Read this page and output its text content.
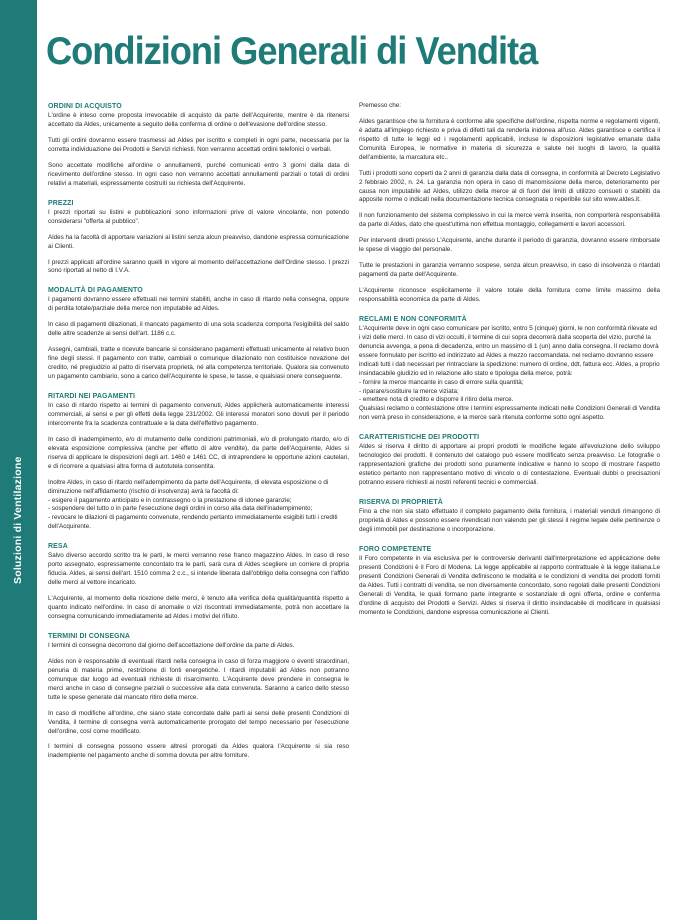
Soluzioni di Ventilazione
Condizioni Generali di Vendita
ORDINI DI ACQUISTO

L'ordine è inteso come proposta irrevocabile di acquisto da parte dell'Acquirente, mentre è da ritenersi accettato da Aldes, unicamente a seguito della conferma di ordine o dell'evasione dell'ordine stesso.

Tutti gli ordini dovranno essere trasmessi ad Aldes per iscritto e completi in ogni parte, necessaria per la corretta individuazione dei Prodotti e Servizi richiesti. Non verranno accettati ordini telefonici o verbali.

Sono accettate modifiche all'ordine o annullamenti, purché comunicati entro 3 giorni dalla data di ricevimento dell'ordine stesso. In ogni caso non verranno accettati annullamenti parziali o totali di ordini relativi a materiali, espressamente costruiti su richiesta dell'Acquirente.

PREZZI

I prezzi riportati su listini e pubblicazioni sono informazioni prive di valore vincolante, non potendo considerarsi "offerta al pubblico".

Aldes ha la facoltà di apportare variazioni ai listini senza alcun preavviso, dandone espressa comunicazione ai Clienti.

I prezzi applicati all'ordine saranno quelli in vigore al momento dell'accettazione dell'Ordine stesso. I prezzi sono riportati al netto di I.V.A.

MODALITÀ DI PAGAMENTO

I pagamenti dovranno essere effettuati nei termini stabiliti, anche in caso di ritardo nella consegna, oppure di perdita totale/parziale della merce non imputabile ad Aldes.

In caso di pagamenti dilazionati, il mancato pagamento di una sola scadenza comporta l'esigibilità del saldo delle altre scadenze ai sensi dell'art. 1186 c.c.

Assegni, cambiali, tratte e ricevute bancarie si considerano pagamenti effettuati unicamente al relativo buon fine degli stessi. Il pagamento con tratte, cambiali o comunque dilazionato non costituisce novazione del credito, né pregiudizio al patto di riservata proprietà, né alla competenza territoriale. Qualora sia convenuto un pagamento cambiario, sono a carico dell'Acquirente le spese, le tasse, e qualsiasi onere conseguente.

RITARDI NEI PAGAMENTI

In caso di ritardo rispetto ai termini di pagamento convenuti, Aldes applicherà automaticamente interessi commerciali, ai sensi e per gli effetti della legge 231/2002. Gli interessi moratori sono dovuti per il periodo intercorrente fra la scadenza contrattuale e la data dell'effettivo pagamento.

In caso di inadempimento, e/o di mutamento delle condizioni patrimoniali, e/o di prolungato ritardo, e/o di elevata esposizione complessiva (anche per effetto di altre vendite), da parte dell'Acquirente, Aldes si riserva di applicare le disposizioni degli art. 1460 e 1461 CC, di intraprendere le opportune azioni cautelari, e di ricorrere a qualsiasi altra forma di autotutela consentita.

Inoltre Aldes, in caso di ritardo nell'adempimento da parte dell'Acquirente, di elevata esposizione o di diminuzione nell'affidamento (rischio di insolvenza) avrà la facoltà di:

- esigere il pagamento anticipato e in contrassegno o la prestazione di idonee garanzie;

- sospendere del tutto o in parte l'esecuzione degli ordini in corso alla data dell'inadempimento;

- revocare le dilazioni di pagamento convenute, rendendo pertanto immediatamente esigibili tutti i crediti dell'Acquirente.

RESA

Salvo diverso accordo scritto tra le parti, le merci verranno rese franco magazzino Aldes. In caso di reso porto assegnato, espressamente concordato tra le parti, sarà cura di Aldes scegliere un corriere di propria fiducia. Aldes, ai sensi dell'art. 1510 comma 2 c.c., si intende liberata dall'obbligo della consegna con l'affido delle merci al vettore incaricato.

L'Acquirente, al momento della ricezione delle merci, è tenuto alla verifica della qualità/quantità rispetto a quanto indicato nell'ordine. In caso di anomalie o vizi riscontrati immediatamente, potrà non accettare la consegna comunicando immediatamente ad Aldes i motivi del rifiuto.

TERMINI DI CONSEGNA

I termini di consegna decorrono dal giorno dell'accettazione dell'ordine da parte di Aldes.

Aldes non è responsabile di eventuali ritardi nella consegna in caso di forza maggiore o eventi straordinari, penuria di materia prime, restrizione di fonti energetiche. I ritardi imputabili ad Aldes non potranno comunque dar luogo ad eventuali richieste di risarcimento. L'Acquirente deve prendere in consegna le merci anche in caso di consegne parziali o successive alla data convenuta. Saranno a carico dello stesso tutte le spese generate dal mancato ritiro della merce.

In caso di modifiche all'ordine, che siano state concordate dalle parti ai sensi delle presenti Condizioni di Vendita, il termine di consegna verrà automaticamente prorogato del tempo necessario per l'esecuzione dell'ordine, così come modificato.

I termini di consegna possono essere altresì prorogati da Aldes qualora l'Acquirente si sia reso inadempiente nel pagamento anche di somma dovuta per altre forniture.

Premesso che:

Aldes garantisce che la fornitura è conforme alle specifiche dell'ordine, rispetta norme e regolamenti vigenti, è adatta all'impiego richiesto e priva di difetti tali da renderla inidonea all'uso. Aldes garantisce e certifica il rispetto di tutte le leggi ed i regolamenti applicabili, incluse le disposizioni legislative emanate dalla Comunità Europea, le normative in materia di sicurezza e salute nei luoghi di lavoro, la qualità dell'ambiente, la marcatura etc..

Tutti i prodotti sono coperti da 2 anni di garanzia dalla data di consegna, in conformità al Decreto Legislativo 2 febbraio 2002, n. 24. La garanzia non opera in caso di manomissione della merce, deterioramento per causa non imputabile ad Aldes, utilizzo della merce al di fuori dei limiti di utilizzo consueti o stabiliti da apposite norme o indicati nella documentazione tecnica consegnata o reperibile sul sito www.aldes.it.

Il non funzionamento del sistema complessivo in cui la merce verrà inserita, non comporterà responsabilità da parte di Aldes, dato che quest'ultima non effettua montaggio, collegamenti e lavori accessori.

Per interventi diretti presso L'Acquirente, anche durante il periodo di garanzia, dovranno essere rimborsate le spese di viaggio del personale.

Tutte le prestazioni in garanzia verranno sospese, senza alcun preavviso, in caso di insolvenza o ritardati pagamenti da parte dell'Acquirente.

L'Acquirente riconosce esplicitamente il valore totale della fornitura come limite massimo della responsabilità economica da parte di Aldes.

RECLAMI E NON CONFORMITÀ

L'Acquirente deve in ogni caso comunicare per iscritto, entro 5 (cinque) giorni, le non conformità rilevate ed i vizi delle merci. In caso di vizi occulti, il termine di cui sopra decorrerà dalla scoperta del vizio, purché la denuncia avvenga, a pena di decadenza, entro un massimo di 1 (un) anno dalla consegna. Il reclamo dovrà essere formulato per iscritto ed indirizzato ad Aldes a mezzo raccomandata. nel reclamo dovranno essere indicati tutti i dati necessari per rintracciare la spedizione: numero di ordine, ddt, fattura ecc. Aldes, a proprio insindacabile giudizio ed in relazione allo stato e tipologia della merce, potrà:

- fornire la merce mancante in caso di errore sulla quantità;

- riparare/sostituire la merce viziata;

- emettere nota di credito e disporre il ritiro della merce.

Qualsiasi reclamo o contestazione oltre i termini espressamente indicati nelle Condizioni Generali di Vendita non verrà preso in considerazione, e la merce sarà ritenuta conforme sotto ogni aspetto.

CARATTERISTICHE DEI PRODOTTI

Aldes si riserva il diritto di apportare ai propri prodotti le modifiche legate all'evoluzione dello sviluppo tecnologico dei prodotti. Il contenuto del catalogo può essere modificato senza preavviso. Le fotografie o rappresentazioni grafiche dei prodotti sono puramente indicative e hanno lo scopo di mostrare l'aspetto estetico pertanto non rappresentano motivo di vincolo o di contestazione. Eventuali dubbi o precisazioni potranno essere richiesti ai nostri referenti tecnici e commerciali.

RISERVA DI PROPRIETÀ

Fino a che non sia stato effettuato il completo pagamento della fornitura, i materiali venduti rimangono di proprietà di Aldes e possono essere rivendicati non valendo per gli stessi il regime legale delle pertinenze o degli immobili per destinazione o incorporazione.

FORO COMPETENTE

Il Foro competente in via esclusiva per le controversie derivanti dall'interpretazione ed applicazione delle presenti Condizioni è il Foro di Modena. La legge applicabile al rapporto contrattuale è la legge italiana.Le presenti Condizioni Generali di Vendita definiscono le modalità e le condizioni di vendita dei prodotti forniti da Aldes. Tutti i contratti di vendita, se non diversamente concordato, sono regolati dalle presenti Condizioni Generali di Vendita, le quali formano parte integrante e sostanziale di ogni offerta, ordine e conferma d'ordine di acquisto dei Prodotti e Servizi. Aldes si riserva il diritto insindacabile di modificare in qualsiasi momento le Condizioni, dandone espressa comunicazione ai Clienti.
